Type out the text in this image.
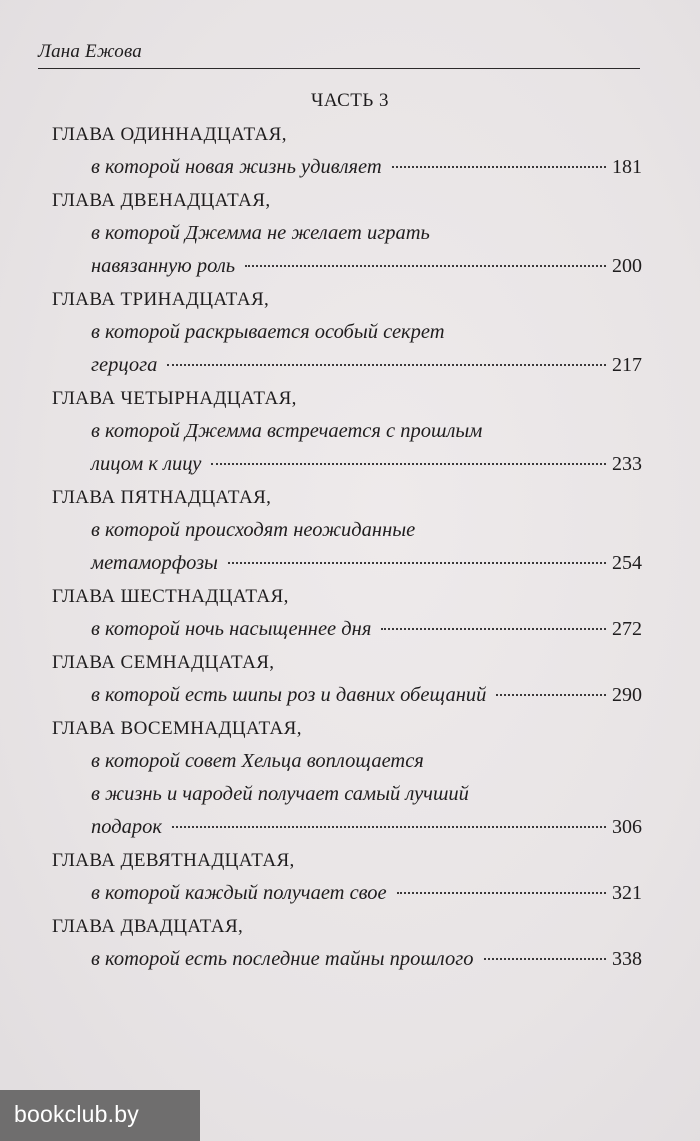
Лана Ежова
ЧАСТЬ 3
ГЛАВА ОДИННАДЦАТАЯ,
в которой новая жизнь удивляет	181
ГЛАВА ДВЕНАДЦАТАЯ,
в которой Джемма не желает играть
навязанную роль	200
ГЛАВА ТРИНАДЦАТАЯ,
в которой раскрывается особый секрет
герцога	217
ГЛАВА ЧЕТЫРНАДЦАТАЯ,
в которой Джемма встречается с прошлым
лицом к лицу	233
ГЛАВА ПЯТНАДЦАТАЯ,
в которой происходят неожиданные
метаморфозы	254
ГЛАВА ШЕСТНАДЦАТАЯ,
в которой ночь насыщеннее дня	272
ГЛАВА СЕМНАДЦАТАЯ,
в которой есть шипы роз и давних обещаний	290
ГЛАВА ВОСЕМНАДЦАТАЯ,
в которой совет Хельца воплощается
в жизнь и чародей получает самый лучший
подарок	306
ГЛАВА ДЕВЯТНАДЦАТАЯ,
в которой каждый получает свое	321
ГЛАВА ДВАДЦАТАЯ,
в которой есть последние тайны прошлого	338
bookclub.by
